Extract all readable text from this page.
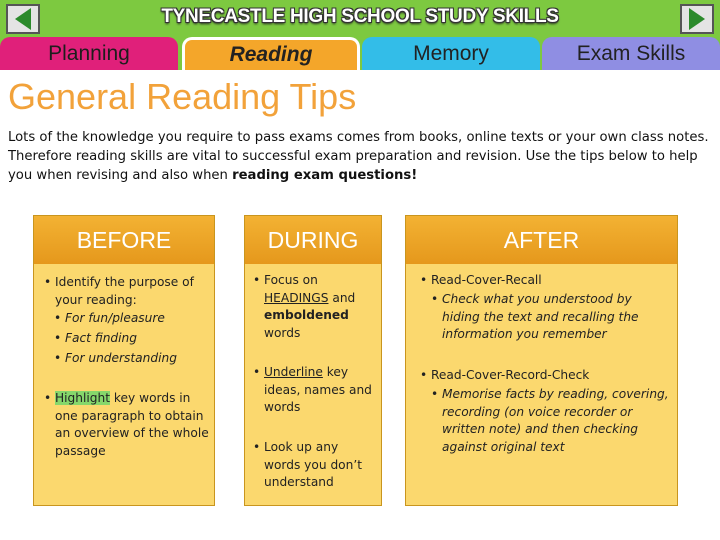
TYNECASTLE HIGH SCHOOL STUDY SKILLS
Planning	Memory	Exam Skills
Reading
General Reading Tips
Lots of the knowledge you require to pass exams comes from books, online texts or your own class notes. Therefore reading skills are vital to successful exam preparation and revision. Use the tips below to help you when revising and also when reading exam questions!
BEFORE
• Identify the purpose of your reading:
• For fun/pleasure
• Fact finding
• For understanding
• Highlight key words in one paragraph to obtain an overview of the whole passage
DURING
• Focus on HEADINGS and emboldened words
• Underline key ideas, names and words
• Look up any words you don’t understand
AFTER
• Read-Cover-Recall
• Check what you understood by hiding the text and recalling the information you remember
• Read-Cover-Record-Check
• Memorise facts by reading, covering, recording (on voice recorder or written note) and then checking against original text
